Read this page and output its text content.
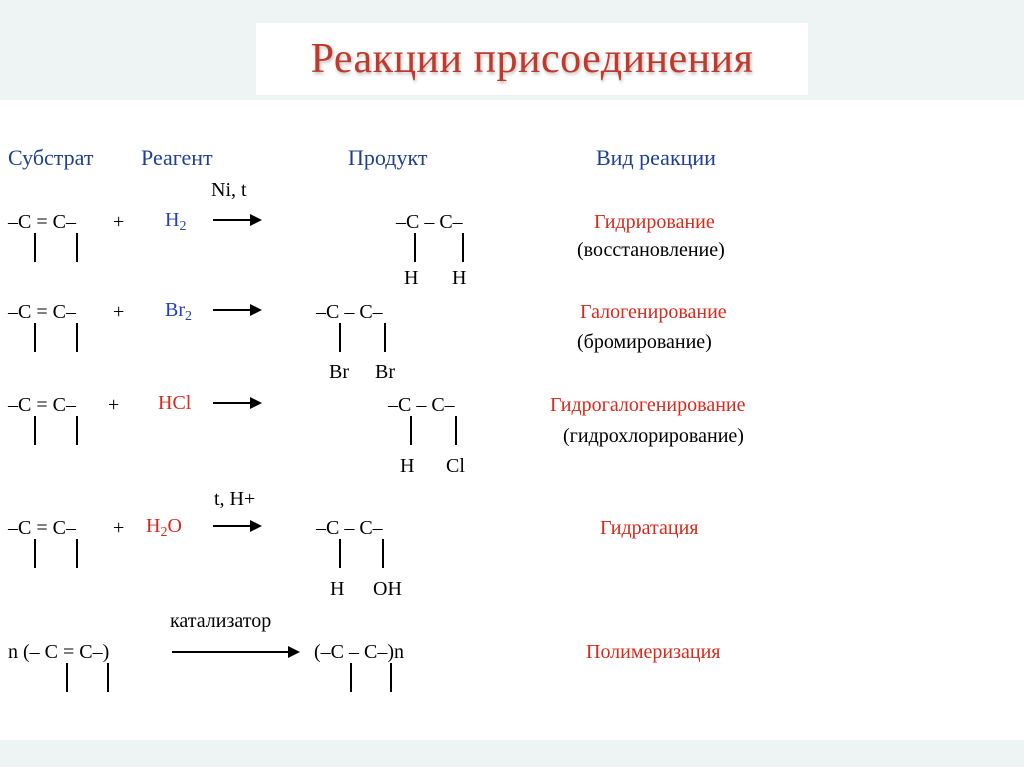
Реакции присоединения
Субстрат Реагент	Продукт	Вид реакции
Ni, t
$-C = C- + H_2$	–C – C–	Гидрирование
(восстановление)
H H
$-C = C- + Br_2$	–C – C–	Галогенирование
(бромирование)
Br Br
–C = C– + HCl	–C – C–	Гидрогалогенирование
(гидрохлорирование)
H Cl
t, H+
$-C = C- + H_2O$	–C – C–	Гидратация
H OH
катализатор
n (– C = C–)	(–C – C–)n	Полимеризация
